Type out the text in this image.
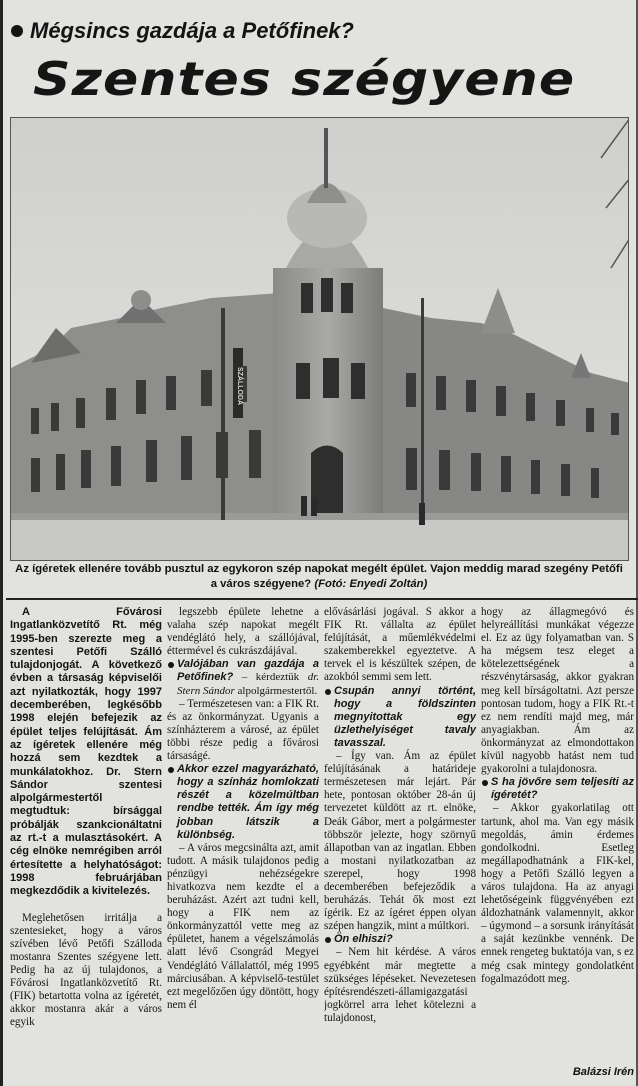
Mégsincs gazdája a Petőfinek?
Szentes szégyene
SZÁLLODA
Az ígéretek ellenére tovább pusztul az egykoron szép napokat megélt épület. Vajon meddig marad szegény Petőfi a város szégyene? (Fotó: Enyedi Zoltán)

A Fővárosi Ingatlanközvetítő Rt. még 1995-ben szerezte meg a szentesi Petőfi Szálló tulajdonjogát. A következő évben a társaság képviselői azt nyilatkozták, hogy 1997 decemberében, legkésőbb 1998 elején befejezik az épület teljes felújítását. Ám az ígéretek ellenére még hozzá sem kezdtek a munkálatokhoz. Dr. Stern Sándor szentesi alpolgármestertől megtudtuk: bírsággal próbálják szankcionáltatni az rt.-t a mulasztásokért. A cég elnöke nemrégiben arról értesítette a helyhatóságot: 1998 februárjában megkezdődik a kivitelezés.

Meglehetősen irritálja a szentesieket, hogy a város szívében lévő Petőfi Szálloda mostanra Szentes szégyene lett. Pedig ha az új tulajdonos, a Fővárosi Ingatlanközvetítő Rt. (FIK) betartotta volna az ígéretét, akkor mostanra akár a város egyik

legszebb épülete lehetne a valaha szép napokat megélt vendéglátó hely, a szállójával, éttermével és cukrászdájával.

Valójában van gazdája a Petőfinek? – kérdeztük dr. Stern Sándor alpolgármestertől.

– Természetesen van: a FIK Rt. és az önkormányzat. Ugyanis a színházterem a városé, az épület többi része pedig a fővárosi társaságé.

Akkor ezzel magyarázható, hogy a színház homlokzati részét a közelmúltban rendbe tették. Ám így még jobban látszik a különbség.

– A város megcsinálta azt, amit tudott. A másik tulajdonos pedig pénzügyi nehézségekre hivatkozva nem kezdte el a beruházást. Azért azt tudni kell, hogy a FIK nem az önkormányzattól vette meg az épületet, hanem a végelszámolás alatt lévő Csongrád Megyei Vendéglátó Vállalattól, még 1995 márciusában. A képviselő-testület ezt megelőzően úgy döntött, hogy nem él

elővásárlási jogával. S akkor a FIK Rt. vállalta az épület felújítását, a műemlékvédelmi szakemberekkel egyeztetve. A tervek el is készültek szépen, de azokból semmi sem lett.

Csupán annyi történt, hogy a földszinten megnyitottak egy üzlethelyiséget tavaly tavasszal.

– Így van. Ám az épület felújításának a határideje természetesen már lejárt. Pár hete, pontosan október 28-án új tervezetet küldött az rt. elnöke, Deák Gábor, mert a polgármester többször jelezte, hogy szörnyű állapotban van az ingatlan. Ebben a mostani nyilatkozatban az szerepel, hogy 1998 decemberében befejeződik a beruházás. Tehát ők most ezt ígérik. Ez az ígéret éppen olyan szépen hangzik, mint a múltkori.

Ön elhiszi?

– Nem hit kérdése. A város egyébként már megtette a szükséges lépéseket. Nevezetesen építésrendészeti-államigazgatási jogkörrel arra lehet kötelezni a tulajdonost,

hogy az állagmegóvó és helyreállítási munkákat végezze el. Ez az ügy folyamatban van. S ha mégsem tesz eleget a kötelezettségének a részvénytársaság, akkor gyakran meg kell bírságoltatni. Azt persze pontosan tudom, hogy a FIK Rt.-t ez nem rendíti majd meg, már anyagiakban. Ám az önkormányzat az elmondottakon kívül nagyobb hatást nem tud gyakorolni a tulajdonosra.

S ha jövőre sem teljesíti az ígéretét?

– Akkor gyakorlatilag ott tartunk, ahol ma. Van egy másik megoldás, ámin érdemes gondolkodni. Esetleg megállapodhatnánk a FIK-kel, hogy a Petőfi Szálló legyen a város tulajdona. Ha az anyagi lehetőségeink függvényében ezt áldozhatnánk valamennyit, akkor – úgymond – a sorsunk irányítását a saját kezünkbe vennénk. De ennek rengeteg buktatója van, s ez még csak mintegy gondolatként fogalmazódott meg.

Balázsi Irén
